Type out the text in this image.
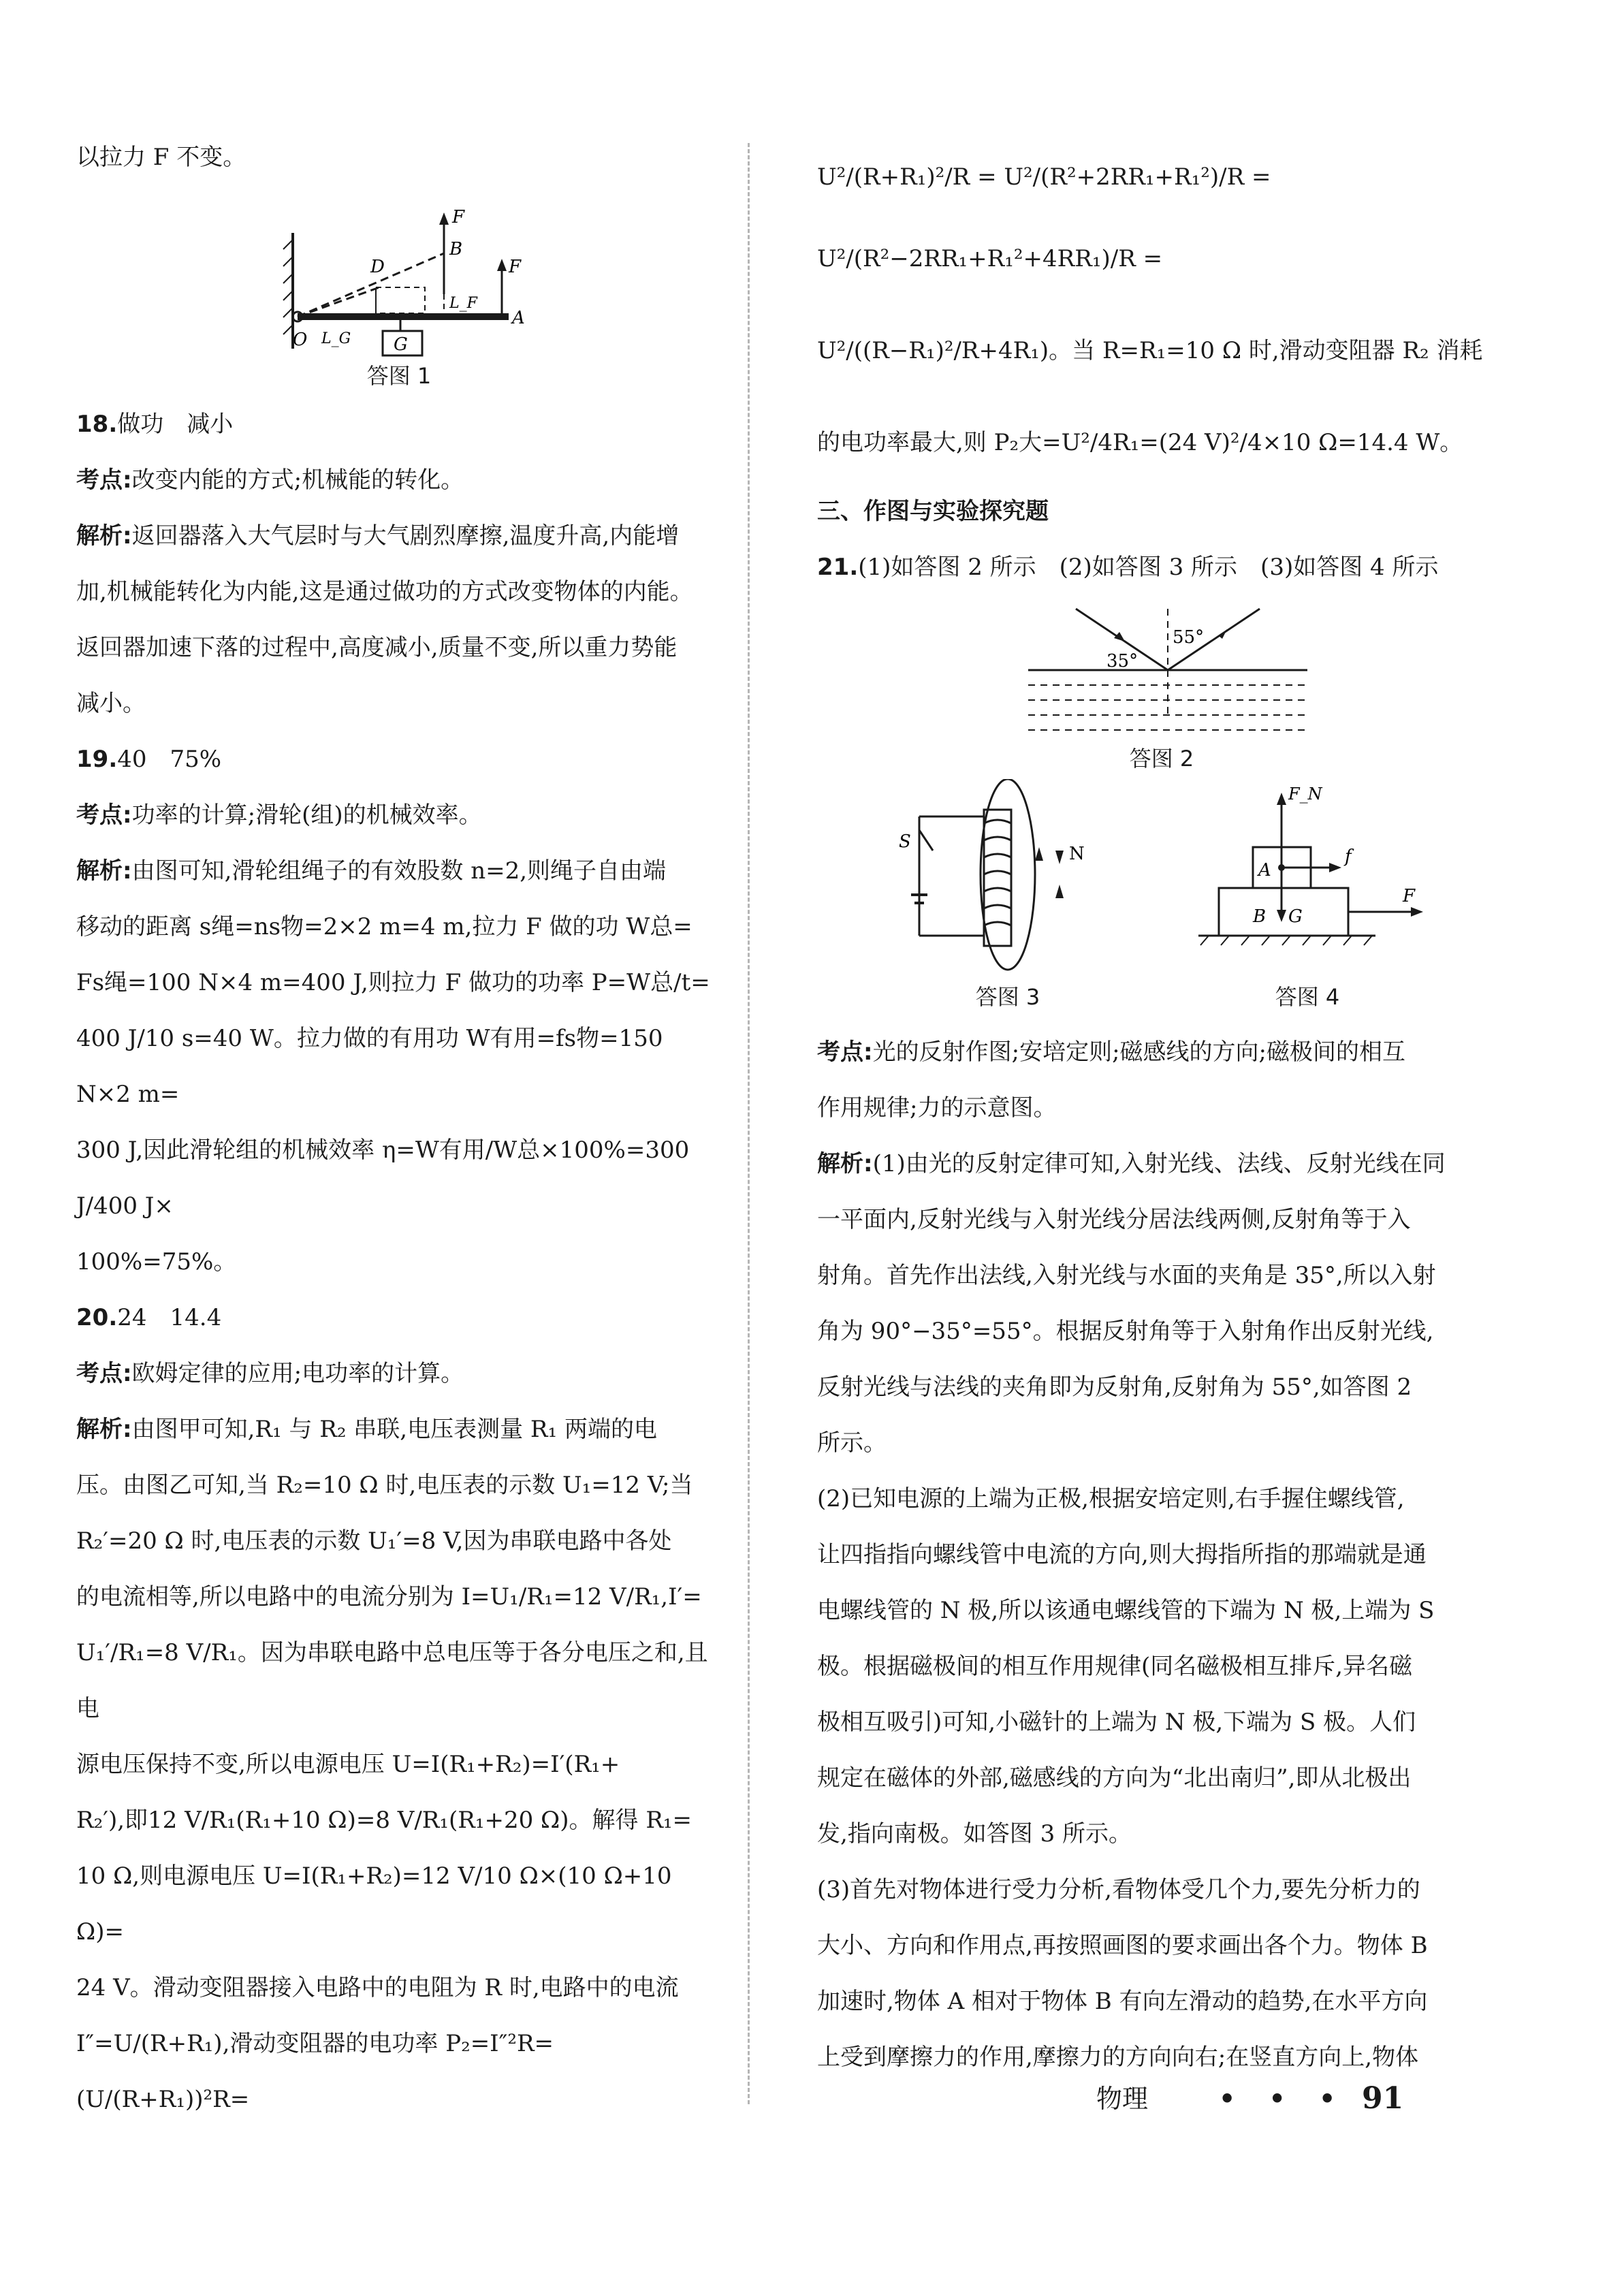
以拉力 F 不变。

F
B
D	F
L_F
A
O L_G G
答图 1

18.做功　减小

考点:改变内能的方式;机械能的转化。

解析:返回器落入大气层时与大气剧烈摩擦,温度升高,内能增

加,机械能转化为内能,这是通过做功的方式改变物体的内能。

返回器加速下落的过程中,高度减小,质量不变,所以重力势能

减小。

19.40　75%

考点:功率的计算;滑轮(组)的机械效率。

解析:由图可知,滑轮组绳子的有效股数 n=2,则绳子自由端

移动的距离 s绳=ns物=2×2 m=4 m,拉力 F 做的功 W总=

Fs绳=100 N×4 m=400 J,则拉力 F 做功的功率 P=W总/t=

400 J/10 s=40 W。拉力做的有用功 W有用=fs物=150 N×2 m=

300 J,因此滑轮组的机械效率 η=W有用/W总×100%=300 J/400 J×

100%=75%。

20.24　14.4

考点:欧姆定律的应用;电功率的计算。

解析:由图甲可知,R₁ 与 R₂ 串联,电压表测量 R₁ 两端的电

压。由图乙可知,当 R₂=10 Ω 时,电压表的示数 U₁=12 V;当

R₂′=20 Ω 时,电压表的示数 U₁′=8 V,因为串联电路中各处

的电流相等,所以电路中的电流分别为 I=U₁/R₁=12 V/R₁,I′=

U₁′/R₁=8 V/R₁。因为串联电路中总电压等于各分电压之和,且电

源电压保持不变,所以电源电压 U=I(R₁+R₂)=I′(R₁+

R₂′),即12 V/R₁(R₁+10 Ω)=8 V/R₁(R₁+20 Ω)。解得 R₁=

10 Ω,则电源电压 U=I(R₁+R₂)=12 V/10 Ω×(10 Ω+10 Ω)=

24 V。滑动变阻器接入电路中的电阻为 R 时,电路中的电流

I″=U/(R+R₁),滑动变阻器的电功率 P₂=I″²R=(U/(R+R₁))²R=

U²/(R+R₁)²/R = U²/(R²+2RR₁+R₁²)/R = U²/(R²−2RR₁+R₁²+4RR₁)/R =

U²/((R−R₁)²/R+4R₁)。当 R=R₁=10 Ω 时,滑动变阻器 R₂ 消耗

的电功率最大,则 P₂大=U²/4R₁=(24 V)²/4×10 Ω=14.4 W。

三、作图与实验探究题

21.(1)如答图 2 所示　(2)如答图 3 所示　(3)如答图 4 所示

35°
55°
答图 2
S
N
F_N
A
f
F
B G
答图 3	答图 4

考点:光的反射作图;安培定则;磁感线的方向;磁极间的相互

作用规律;力的示意图。

解析:(1)由光的反射定律可知,入射光线、法线、反射光线在同

一平面内,反射光线与入射光线分居法线两侧,反射角等于入

射角。首先作出法线,入射光线与水面的夹角是 35°,所以入射

角为 90°−35°=55°。根据反射角等于入射角作出反射光线,

反射光线与法线的夹角即为反射角,反射角为 55°,如答图 2

所示。

(2)已知电源的上端为正极,根据安培定则,右手握住螺线管,

让四指指向螺线管中电流的方向,则大拇指所指的那端就是通

电螺线管的 N 极,所以该通电螺线管的下端为 N 极,上端为 S

极。根据磁极间的相互作用规律(同名磁极相互排斥,异名磁

极相互吸引)可知,小磁针的上端为 N 极,下端为 S 极。人们

规定在磁体的外部,磁感线的方向为“北出南归”,即从北极出

发,指向南极。如答图 3 所示。

(3)首先对物体进行受力分析,看物体受几个力,要先分析力的

大小、方向和作用点,再按照画图的要求画出各个力。物体 B

加速时,物体 A 相对于物体 B 有向左滑动的趋势,在水平方向

上受到摩擦力的作用,摩擦力的方向向右;在竖直方向上,物体

物理	• • • 91
